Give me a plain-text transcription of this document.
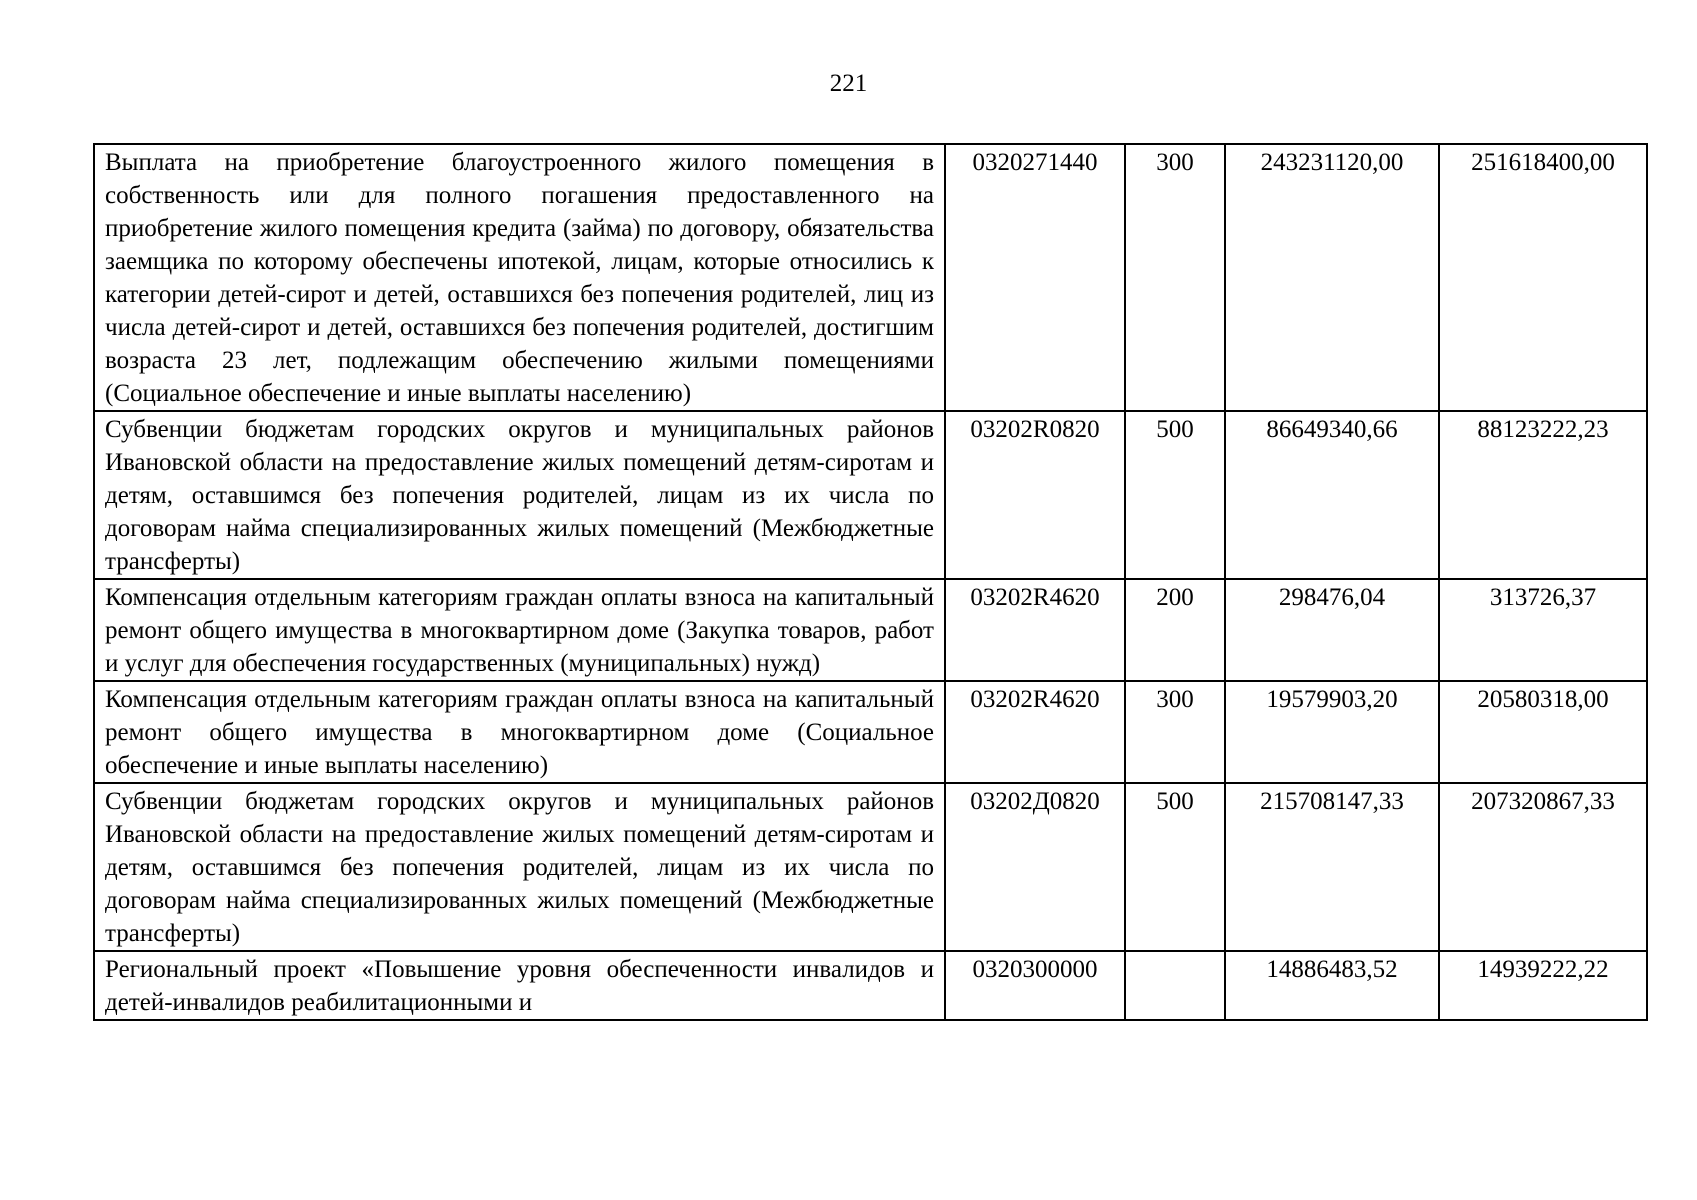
221
Выплата на приобретение благоустроенного жилого помещения в собственность или для полного погашения предоставленного на приобретение жилого помещения кредита (займа) по договору, обязательства заемщика по которому обеспечены ипотекой, лицам, которые относились к категории детей-сирот и детей, оставшихся без попечения родителей, лиц из числа детей-сирот и детей, оставшихся без попечения родителей, достигшим возраста 23 лет, подлежащим обеспечению жилыми помещениями (Социальное обеспечение и иные выплаты населению)	0320271440	300	243231120,00	251618400,00
Субвенции бюджетам городских округов и муниципальных районов Ивановской области на предоставление жилых помещений детям-сиротам и детям, оставшимся без попечения родителей, лицам из их числа по договорам найма специализированных жилых помещений (Межбюджетные трансферты)	03202R0820	500	86649340,66	88123222,23
Компенсация отдельным категориям граждан оплаты взноса на капитальный ремонт общего имущества в многоквартирном доме (Закупка товаров, работ и услуг для обеспечения государственных (муниципальных) нужд)	03202R4620	200	298476,04	313726,37
Компенсация отдельным категориям граждан оплаты взноса на капитальный ремонт общего имущества в многоквартирном доме (Социальное обеспечение и иные выплаты населению)	03202R4620	300	19579903,20	20580318,00
Субвенции бюджетам городских округов и муниципальных районов Ивановской области на предоставление жилых помещений детям-сиротам и детям, оставшимся без попечения родителей, лицам из их числа по договорам найма специализированных жилых помещений (Межбюджетные трансферты)	03202Д0820	500	215708147,33	207320867,33
Региональный проект «Повышение уровня обеспеченности инвалидов и детей-инвалидов реабилитационными и	0320300000		14886483,52	14939222,22
